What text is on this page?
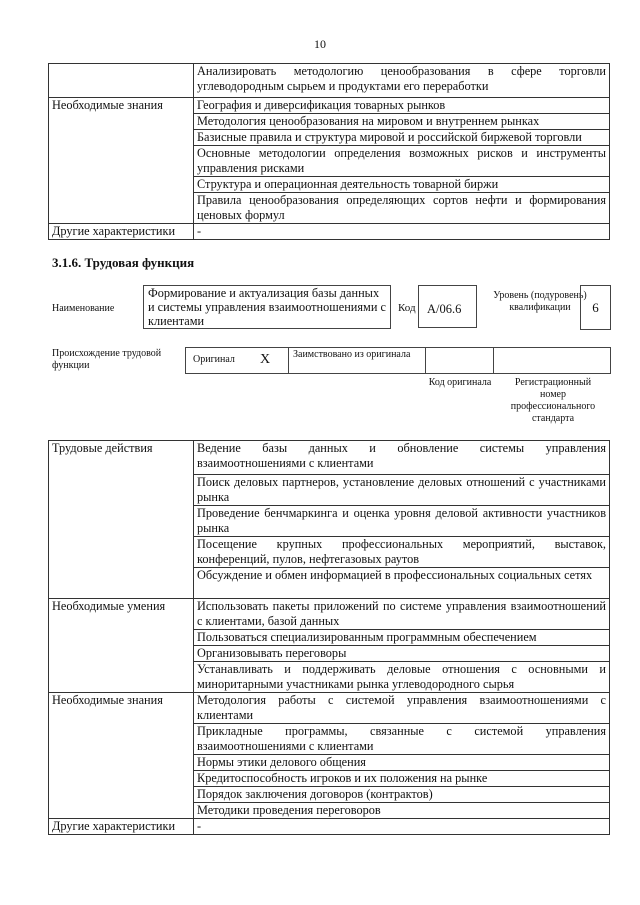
10
	Анализировать методологию ценообразования в сфере торговли углеводородным сырьем и продуктами его переработки
Необходимые знания	География и диверсификация товарных рынков
	Методология ценообразования на мировом и внутреннем рынках
	Базисные правила и структура мировой и российской биржевой торговли
	Основные методологии определения возможных рисков и инструменты управления рисками
	Структура и операционная деятельность товарной биржи
	Правила ценообразования определяющих сортов нефти и формирования ценовых формул
Другие характеристики	-
3.1.6. Трудовая функция
Наименование
Формирование и актуализация базы данных и системы управления взаимоотношениями с клиентами
Код A/06.6
Уровень (подуровень) квалификации	6
Происхождение трудовой функции
Оригинал X Заимствовано из оригинала
Код оригинала	Регистрационный номер профессионального стандарта
Трудовые действия	Ведение базы данных и обновление системы управления взаимоотношениями с клиентами
	Поиск деловых партнеров, установление деловых отношений с участниками рынка
	Проведение бенчмаркинга и оценка уровня деловой активности участников рынка
	Посещение крупных профессиональных мероприятий, выставок, конференций, пулов, нефтегазовых раутов
	Обсуждение и обмен информацией в профессиональных социальных сетях
Необходимые умения	Использовать пакеты приложений по системе управления взаимоотношений с клиентами, базой данных
	Пользоваться специализированным программным обеспечением
	Организовывать переговоры
	Устанавливать и поддерживать деловые отношения с основными и миноритарными участниками рынка углеводородного сырья
Необходимые знания	Методология работы с системой управления взаимоотношениями с клиентами
	Прикладные программы, связанные с системой управления взаимоотношениями с клиентами
	Нормы этики делового общения
	Кредитоспособность игроков и их положения на рынке
	Порядок заключения договоров (контрактов)
	Методики проведения переговоров
Другие характеристики	-
